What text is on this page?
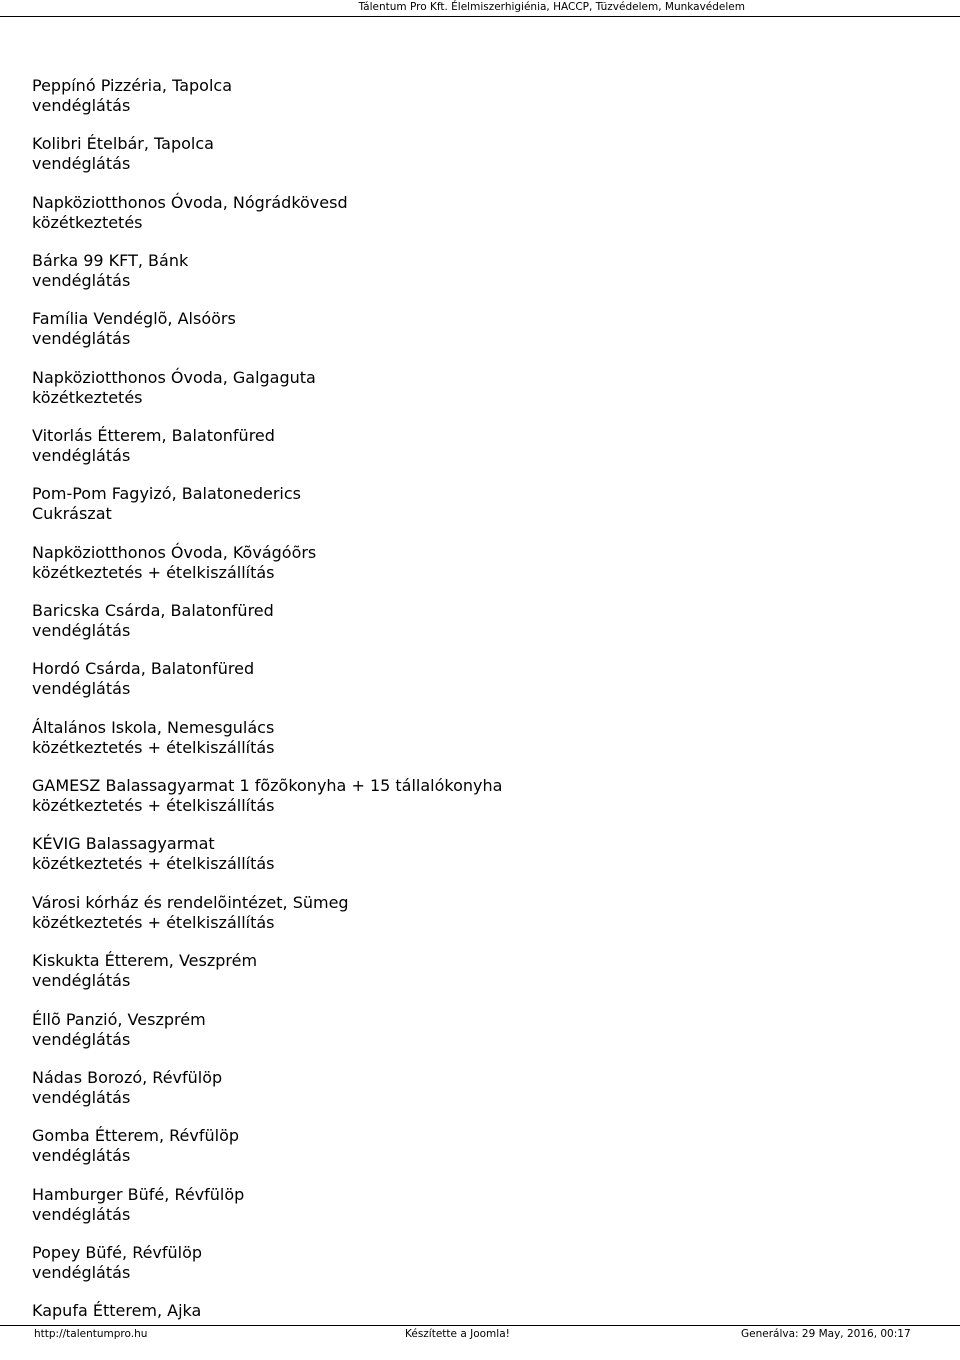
Tálentum Pro Kft. Élelmiszerhigiénia, HACCP, Tüzvédelem, Munkavédelem
Peppínó Pizzéria, Tapolca
vendéglátás
Kolibri Ételbár, Tapolca
vendéglátás
Napköziotthonos Óvoda, Nógrádkövesd
közétkeztetés
Bárka 99 KFT, Bánk
vendéglátás
Família Vendéglõ, Alsóörs
vendéglátás
Napköziotthonos Óvoda, Galgaguta
közétkeztetés
Vitorlás Étterem, Balatonfüred
vendéglátás
Pom-Pom Fagyizó, Balatonederics
Cukrászat
Napköziotthonos Óvoda, Kõvágóõrs
közétkeztetés + ételkiszállítás
Baricska Csárda, Balatonfüred
vendéglátás
Hordó Csárda, Balatonfüred
vendéglátás
Általános Iskola, Nemesgulács
közétkeztetés + ételkiszállítás
GAMESZ Balassagyarmat 1 fõzõkonyha + 15 tállalókonyha
közétkeztetés + ételkiszállítás
KÉVIG Balassagyarmat
közétkeztetés + ételkiszállítás
Városi kórház és rendelõintézet, Sümeg
közétkeztetés + ételkiszállítás
Kiskukta Étterem, Veszprém
vendéglátás
Éllõ Panzió, Veszprém
vendéglátás
Nádas Borozó, Révfülöp
vendéglátás
Gomba Étterem, Révfülöp
vendéglátás
Hamburger Büfé, Révfülöp
vendéglátás
Popey Büfé, Révfülöp
vendéglátás
Kapufa Étterem, Ajka
http://talentumpro.hu	Készítette a Joomla!	Generálva: 29 May, 2016, 00:17
